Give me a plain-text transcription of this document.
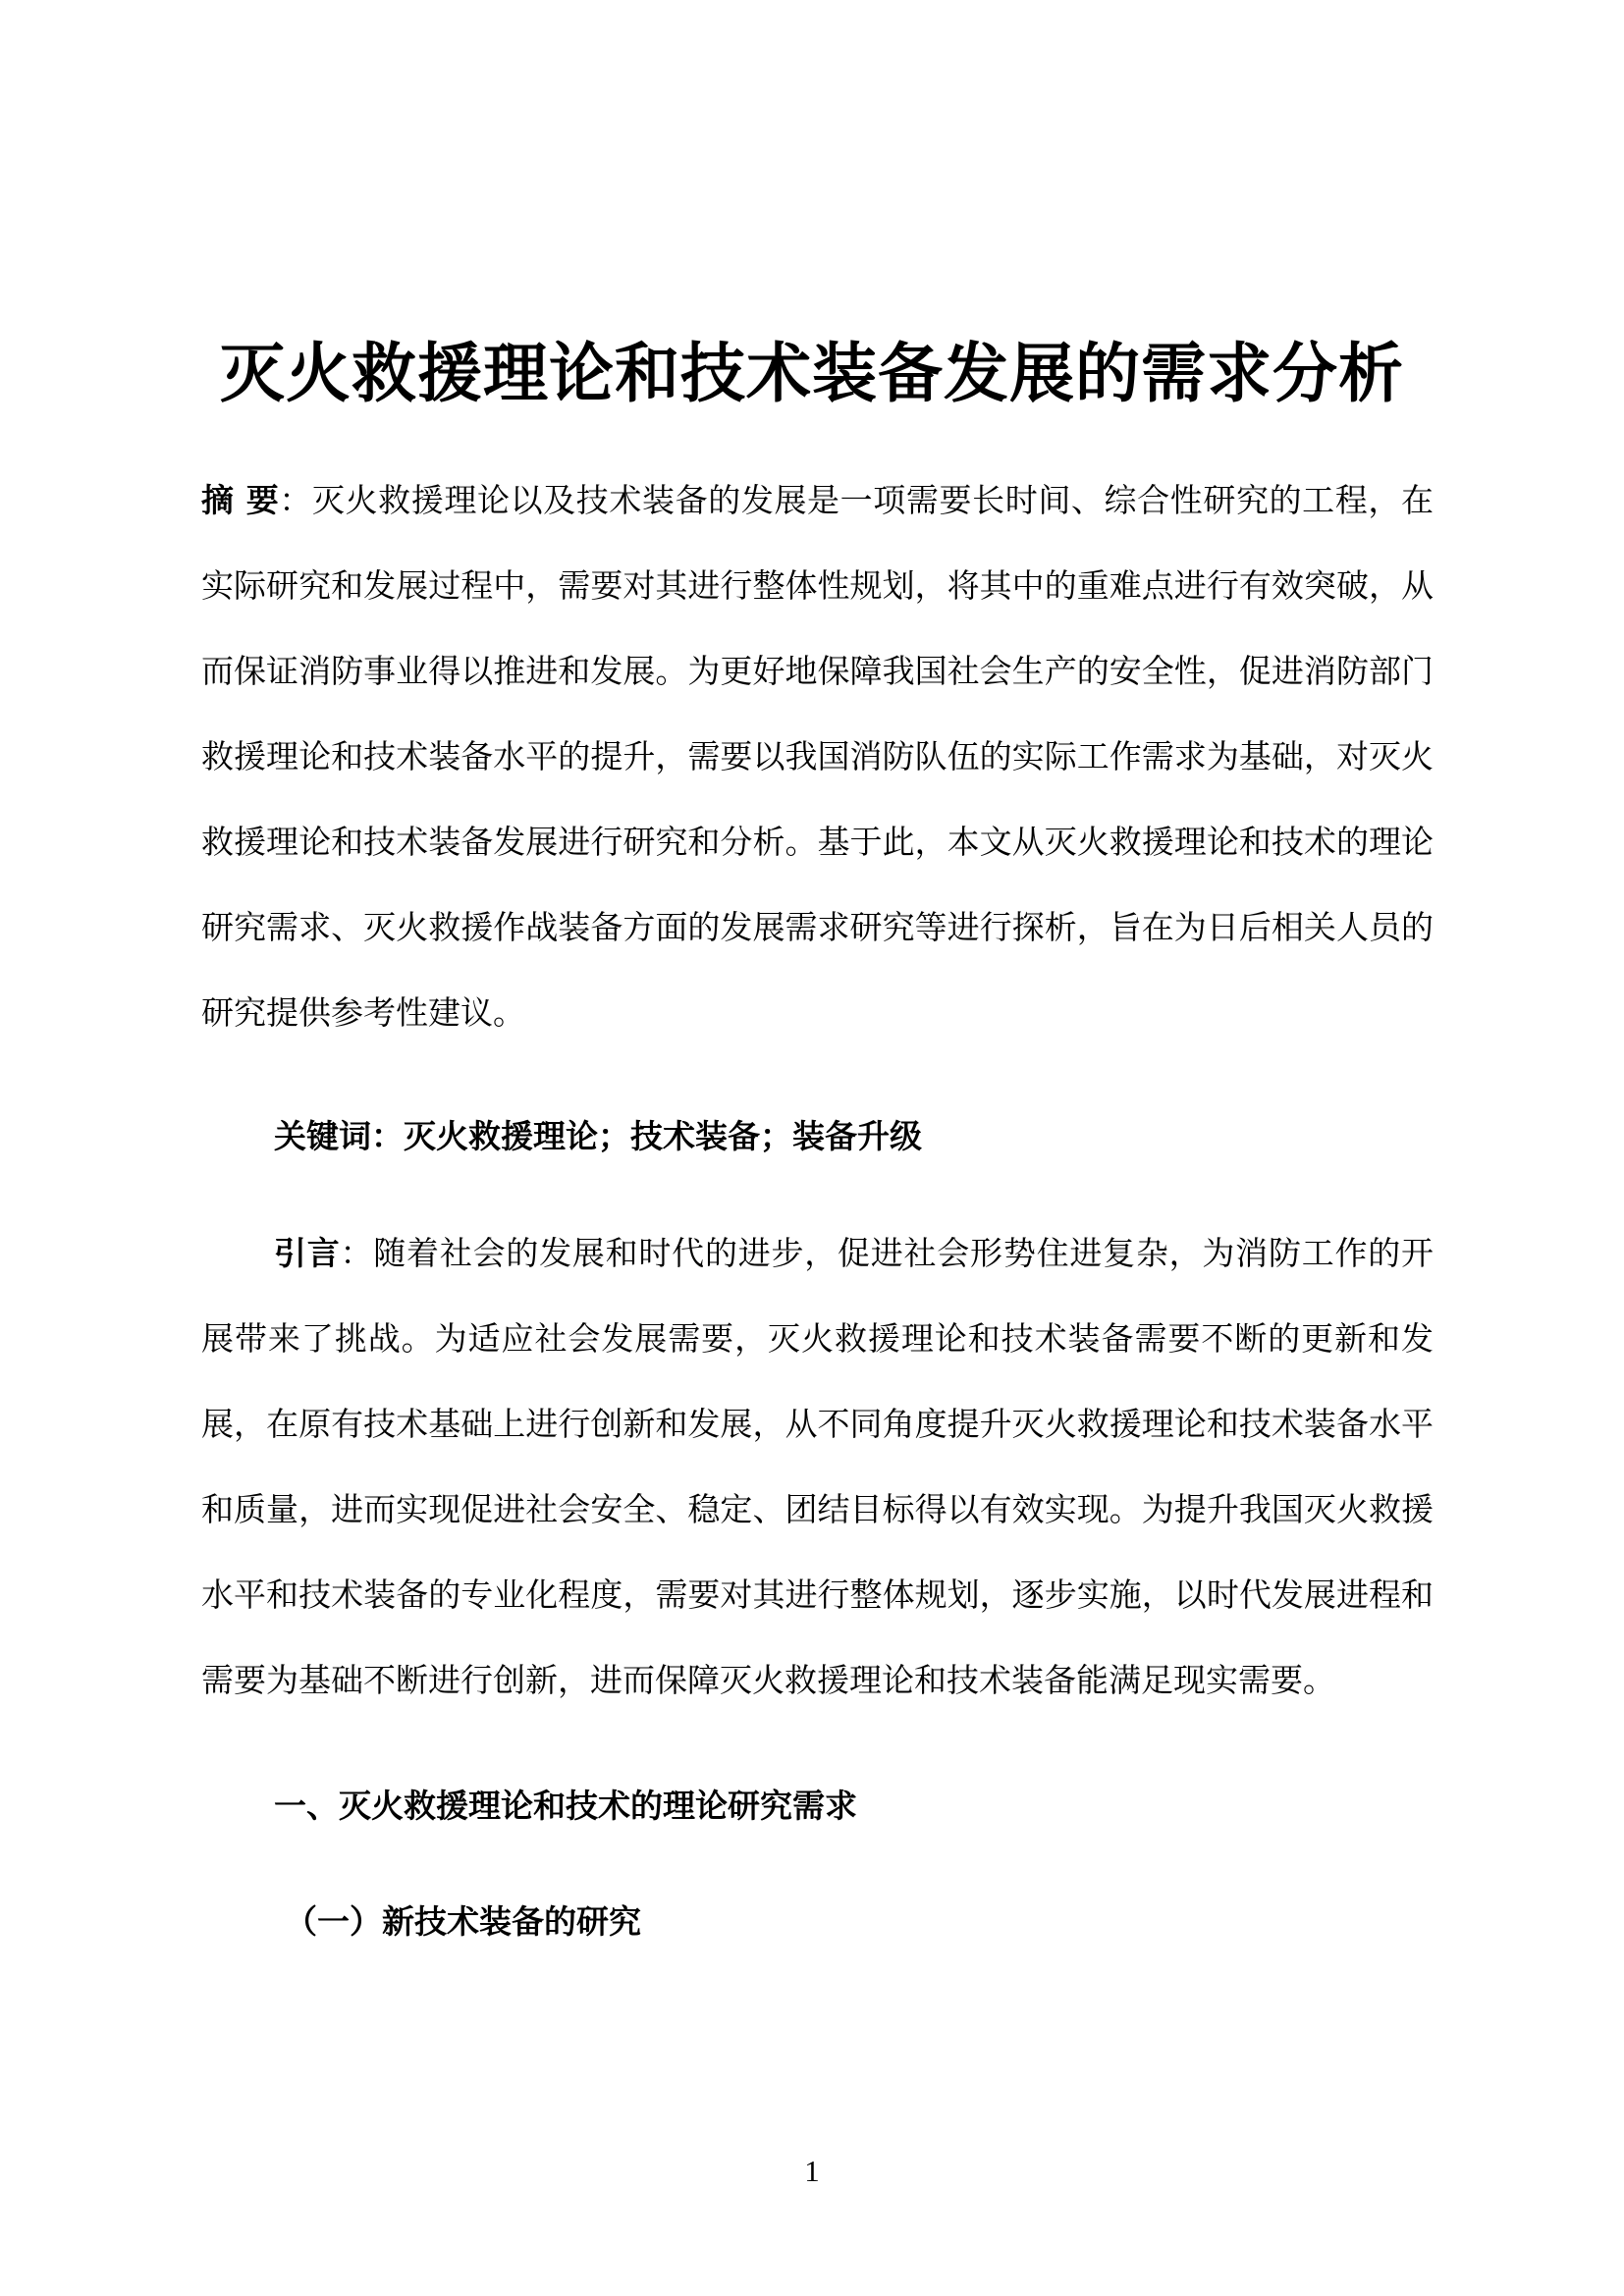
灭火救援理论和技术装备发展的需求分析

摘 要：灭火救援理论以及技术装备的发展是一项需要长时间、综合性研究的工程，在实际研究和发展过程中，需要对其进行整体性规划，将其中的重难点进行有效突破，从而保证消防事业得以推进和发展。为更好地保障我国社会生产的安全性，促进消防部门救援理论和技术装备水平的提升，需要以我国消防队伍的实际工作需求为基础，对灭火救援理论和技术装备发展进行研究和分析。基于此，本文从灭火救援理论和技术的理论研究需求、灭火救援作战装备方面的发展需求研究等进行探析，旨在为日后相关人员的研究提供参考性建议。

关键词：灭火救援理论；技术装备；装备升级

引言：随着社会的发展和时代的进步，促进社会形势住进复杂，为消防工作的开展带来了挑战。为适应社会发展需要，灭火救援理论和技术装备需要不断的更新和发展，在原有技术基础上进行创新和发展，从不同角度提升灭火救援理论和技术装备水平和质量，进而实现促进社会安全、稳定、团结目标得以有效实现。为提升我国灭火救援水平和技术装备的专业化程度，需要对其进行整体规划，逐步实施，以时代发展进程和需要为基础不断进行创新，进而保障灭火救援理论和技术装备能满足现实需要。

一、灭火救援理论和技术的理论研究需求
（一）新技术装备的研究
1
